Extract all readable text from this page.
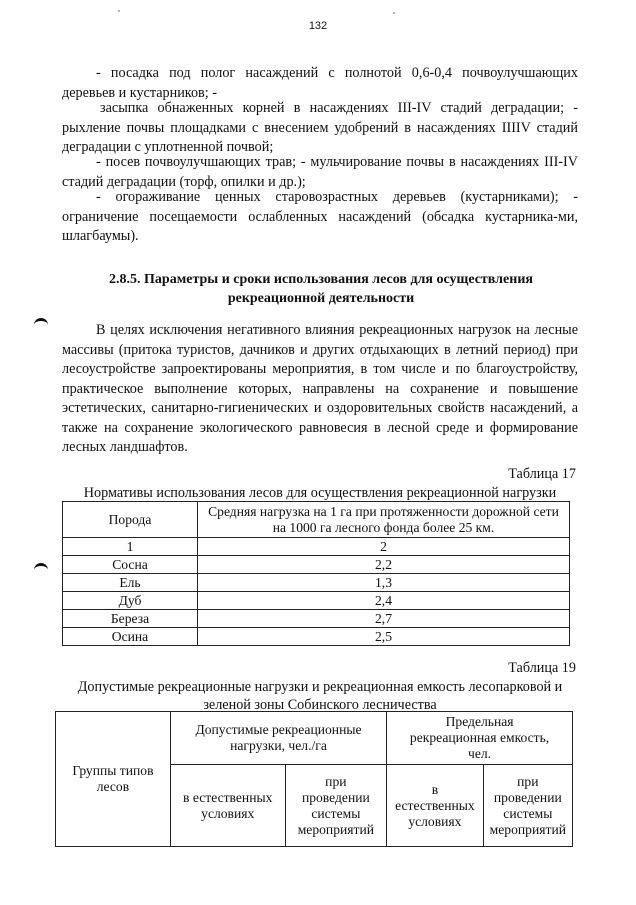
132

- посадка под полог насаждений с полнотой 0,6-0,4 почвоулучшающих деревьев и кустарников; -

засыпка обнаженных корней в насаждениях III-IV стадий деградации; - рыхление почвы площадками с внесением удобрений в насаждениях IIIIV стадий деградации с уплотненной почвой;

- посев почвоулучшающих трав; - мульчирование почвы в насаждениях III-IV стадий деградации (торф, опилки и др.);

- огораживание ценных старовозрастных деревьев (кустарниками); - ограничение посещаемости ослабленных насаждений (обсадка кустарника-ми, шлагбаумы).

2.8.5. Параметры и сроки использования лесов для осуществления рекреационной деятельности

В целях исключения негативного влияния рекреационных нагрузок на лесные массивы (притока туристов, дачников и других отдыхающих в летний период) при лесоустройстве запроектированы мероприятия, в том числе и по благоустройству, практическое выполнение которых, направлены на сохранение и повышение эстетических, санитарно-гигиенических и оздоровительных свойств насаждений, а также на сохранение экологического равновесия в лесной среде и формирование лесных ландшафтов.

Таблица 17
Нормативы использования лесов для осуществления рекреационной нагрузки
Порода	Средняя нагрузка на 1 га при протяженности дорожной сети на 1000 га лесного фонда более 25 км.
1	2
Сосна	2,2
Ель	1,3
Дуб	2,4
Береза	2,7
Осина	2,5
Таблица 19
Допустимые рекреационные нагрузки и рекреационная емкость лесопарковой и зеленой зоны Собинского лесничества
Группы типов лесов	Допустимые рекреационные нагрузки, чел./га		Предельная рекреационная емкость, чел.	
	в естественных условиях	при проведении системы мероприятий	в естественных условиях	при проведении системы мероприятий
